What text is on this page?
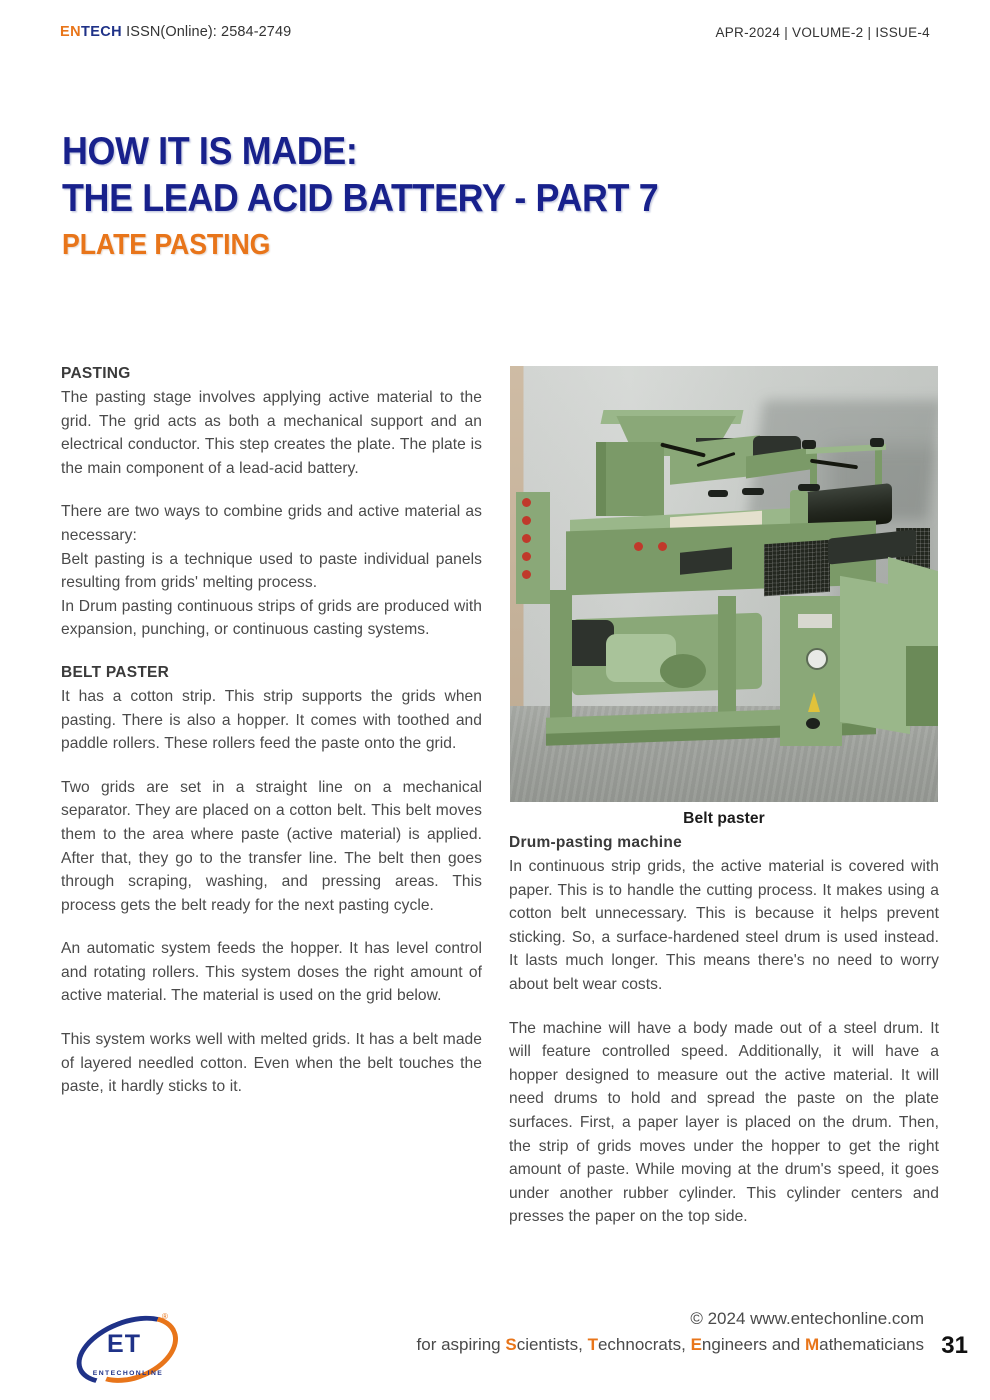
ENTECH ISSN(Online): 2584-2749	APR-2024 | VOLUME-2 | ISSUE-4
HOW IT IS MADE:
THE LEAD ACID BATTERY - PART 7
PLATE PASTING
PASTING

The pasting stage involves applying active material to the grid. The grid acts as both a mechanical support and an electrical conductor. This step creates the plate. The plate is the main component of a lead-acid battery.

There are two ways to combine grids and active material as necessary:

Belt pasting is a technique used to paste individual panels resulting from grids' melting process.

In Drum pasting continuous strips of grids are produced with expansion, punching, or continuous casting systems.

BELT PASTER

It has a cotton strip. This strip supports the grids when pasting. There is also a hopper. It comes with toothed and paddle rollers. These rollers feed the paste onto the grid.

Two grids are set in a straight line on a mechanical separator. They are placed on a cotton belt. This belt moves them to the area where paste (active material) is applied. After that, they go to the transfer line. The belt then goes through scraping, washing, and pressing areas. This process gets the belt ready for the next pasting cycle.

An automatic system feeds the hopper. It has level control and rotating rollers. This system doses the right amount of active material. The material is used on the grid below.

This system works well with melted grids. It has a belt made of layered needled cotton. Even when the belt touches the paste, it hardly sticks to it.

Belt paster
Drum-pasting machine

In continuous strip grids, the active material is covered with paper. This is to handle the cutting process. It makes using a cotton belt unnecessary. This is because it helps prevent sticking. So, a surface-hardened steel drum is used instead. It lasts much longer. This means there's no need to worry about belt wear costs.

The machine will have a body made out of a steel drum. It will feature controlled speed. Additionally, it will have a hopper designed to measure out the active material. It will need drums to hold and spread the paste on the plate surfaces. First, a paper layer is placed on the drum. Then, the strip of grids moves under the hopper to get the right amount of paste. While moving at the drum's speed, it goes under another rubber cylinder. This cylinder centers and presses the paper on the top side.

ET
®
ENTECHONLINE
© 2024 www.entechonline.com
for aspiring Scientists, Technocrats, Engineers and Mathematicians 31
